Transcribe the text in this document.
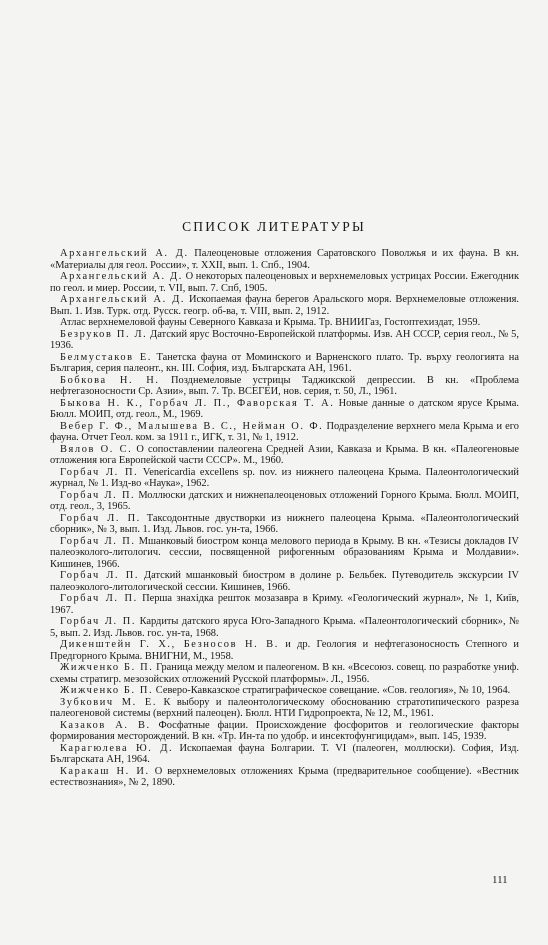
СПИСОК ЛИТЕРАТУРЫ

Архангельский А. Д. Палеоценовые отложения Саратовского Поволжья и их фауна. В кн. «Материалы для геол. России», т. XXII, вып. 1. Спб., 1904.

Архангельский А. Д. О некоторых палеоценовых и верхнемеловых устрицах России. Ежегодник по геол. и миер. России, т. VII, вып. 7. Спб, 1905.

Архангельский А. Д. Ископаемая фауна берегов Аральского моря. Верхнемеловые отложения. Вып. 1. Изв. Турк. отд. Русск. геогр. об-ва, т. VIII, вып. 2, 1912.

Атлас верхнемеловой фауны Северного Кавказа и Крыма. Тр. ВНИИГаз, Гостоптехиздат, 1959.

Безруков П. Л. Датский ярус Восточно-Европейской платформы. Изв. АН СССР, серия геол., № 5, 1936.

Белмустаков Е. Танетска фауна от Моминского и Варненского плато. Тр. върху геологията на България, серия палеонт., кн. III. София, изд. Българската АН, 1961.

Бобкова Н. Н. Позднемеловые устрицы Таджикской депрессии. В кн. «Проблема нефтегазоносности Ср. Азии», вып. 7. Тр. ВСЕГЕИ, нов. серия, т. 50, Л., 1961.

Быкова Н. К., Горбач Л. П., Фаворская Т. А. Новые данные о датском ярусе Крыма. Бюлл. МОИП, отд. геол., М., 1969.

Вебер Г. Ф., Малышева В. С., Нейман О. Ф. Подразделение верхнего мела Крыма и его фауна. Отчет Геол. ком. за 1911 г., ИГК, т. 31, № 1, 1912.

Вялов О. С. О сопоставлении палеогена Средней Азии, Кавказа и Крыма. В кн. «Палеогеновые отложения юга Европейской части СССР». М., 1960.

Горбач Л. П. Venericardia excellens sp. nov. из нижнего палеоцена Крыма. Палеонтологический журнал, № 1. Изд-во «Наука», 1962.

Горбач Л. П. Моллюски датских и нижнепалеоценовых отложений Горного Крыма. Бюлл. МОИП, отд. геол., 3, 1965.

Горбач Л. П. Таксодонтные двустворки из нижнего палеоцена Крыма. «Палеонтологический сборник», № 3, вып. 1. Изд. Львов. гос. ун-та, 1966.

Горбач Л. П. Мшанковый биостром конца мелового периода в Крыму. В кн. «Тезисы докладов IV палеоэколого-литологич. сессии, посвященной рифогенным образованиям Крыма и Молдавии». Кишинев, 1966.

Горбач Л. П. Датский мшанковый биостром в долине р. Бельбек. Путеводитель экскурсии IV палеоэколого-литологической сессии. Кишинев, 1966.

Горбач Л. П. Перша знахідка решток мозазавра в Криму. «Геологический журнал», № 1, Київ, 1967.

Горбач Л. П. Кардиты датского яруса Юго-Западного Крыма. «Палеонтологический сборник», № 5, вып. 2. Изд. Львов. гос. ун-та, 1968.

Дикенштейн Г. Х., Безносов Н. В. и др. Геология и нефтегазоносность Степного и Предгорного Крыма. ВНИГНИ, М., 1958.

Жижченко Б. П. Граница между мелом и палеогеном. В кн. «Всесоюз. совещ. по разработке униф. схемы стратигр. мезозойских отложений Русской платформы». Л., 1956.

Жижченко Б. П. Северо-Кавказское стратиграфическое совещание. «Сов. геология», № 10, 1964.

Зубкович М. Е. К выбору и палеонтологическому обоснованию стратотипического разреза палеогеновой системы (верхний палеоцен). Бюлл. НТИ Гидропроекта, № 12, М., 1961.

Казаков А. В. Фосфатные фации. Происхождение фосфоритов и геологические факторы формирования месторождений. В кн. «Тр. Ин-та по удобр. и инсектофунгицидам», вып. 145, 1939.

Карагюлева Ю. Д. Ископаемая фауна Болгарии. Т. VI (палеоген, моллюски). София, Изд. Българската АН, 1964.

Каракаш Н. И. О верхнемеловых отложениях Крыма (предварительное сообщение). «Вестник естествознания», № 2, 1890.

111
